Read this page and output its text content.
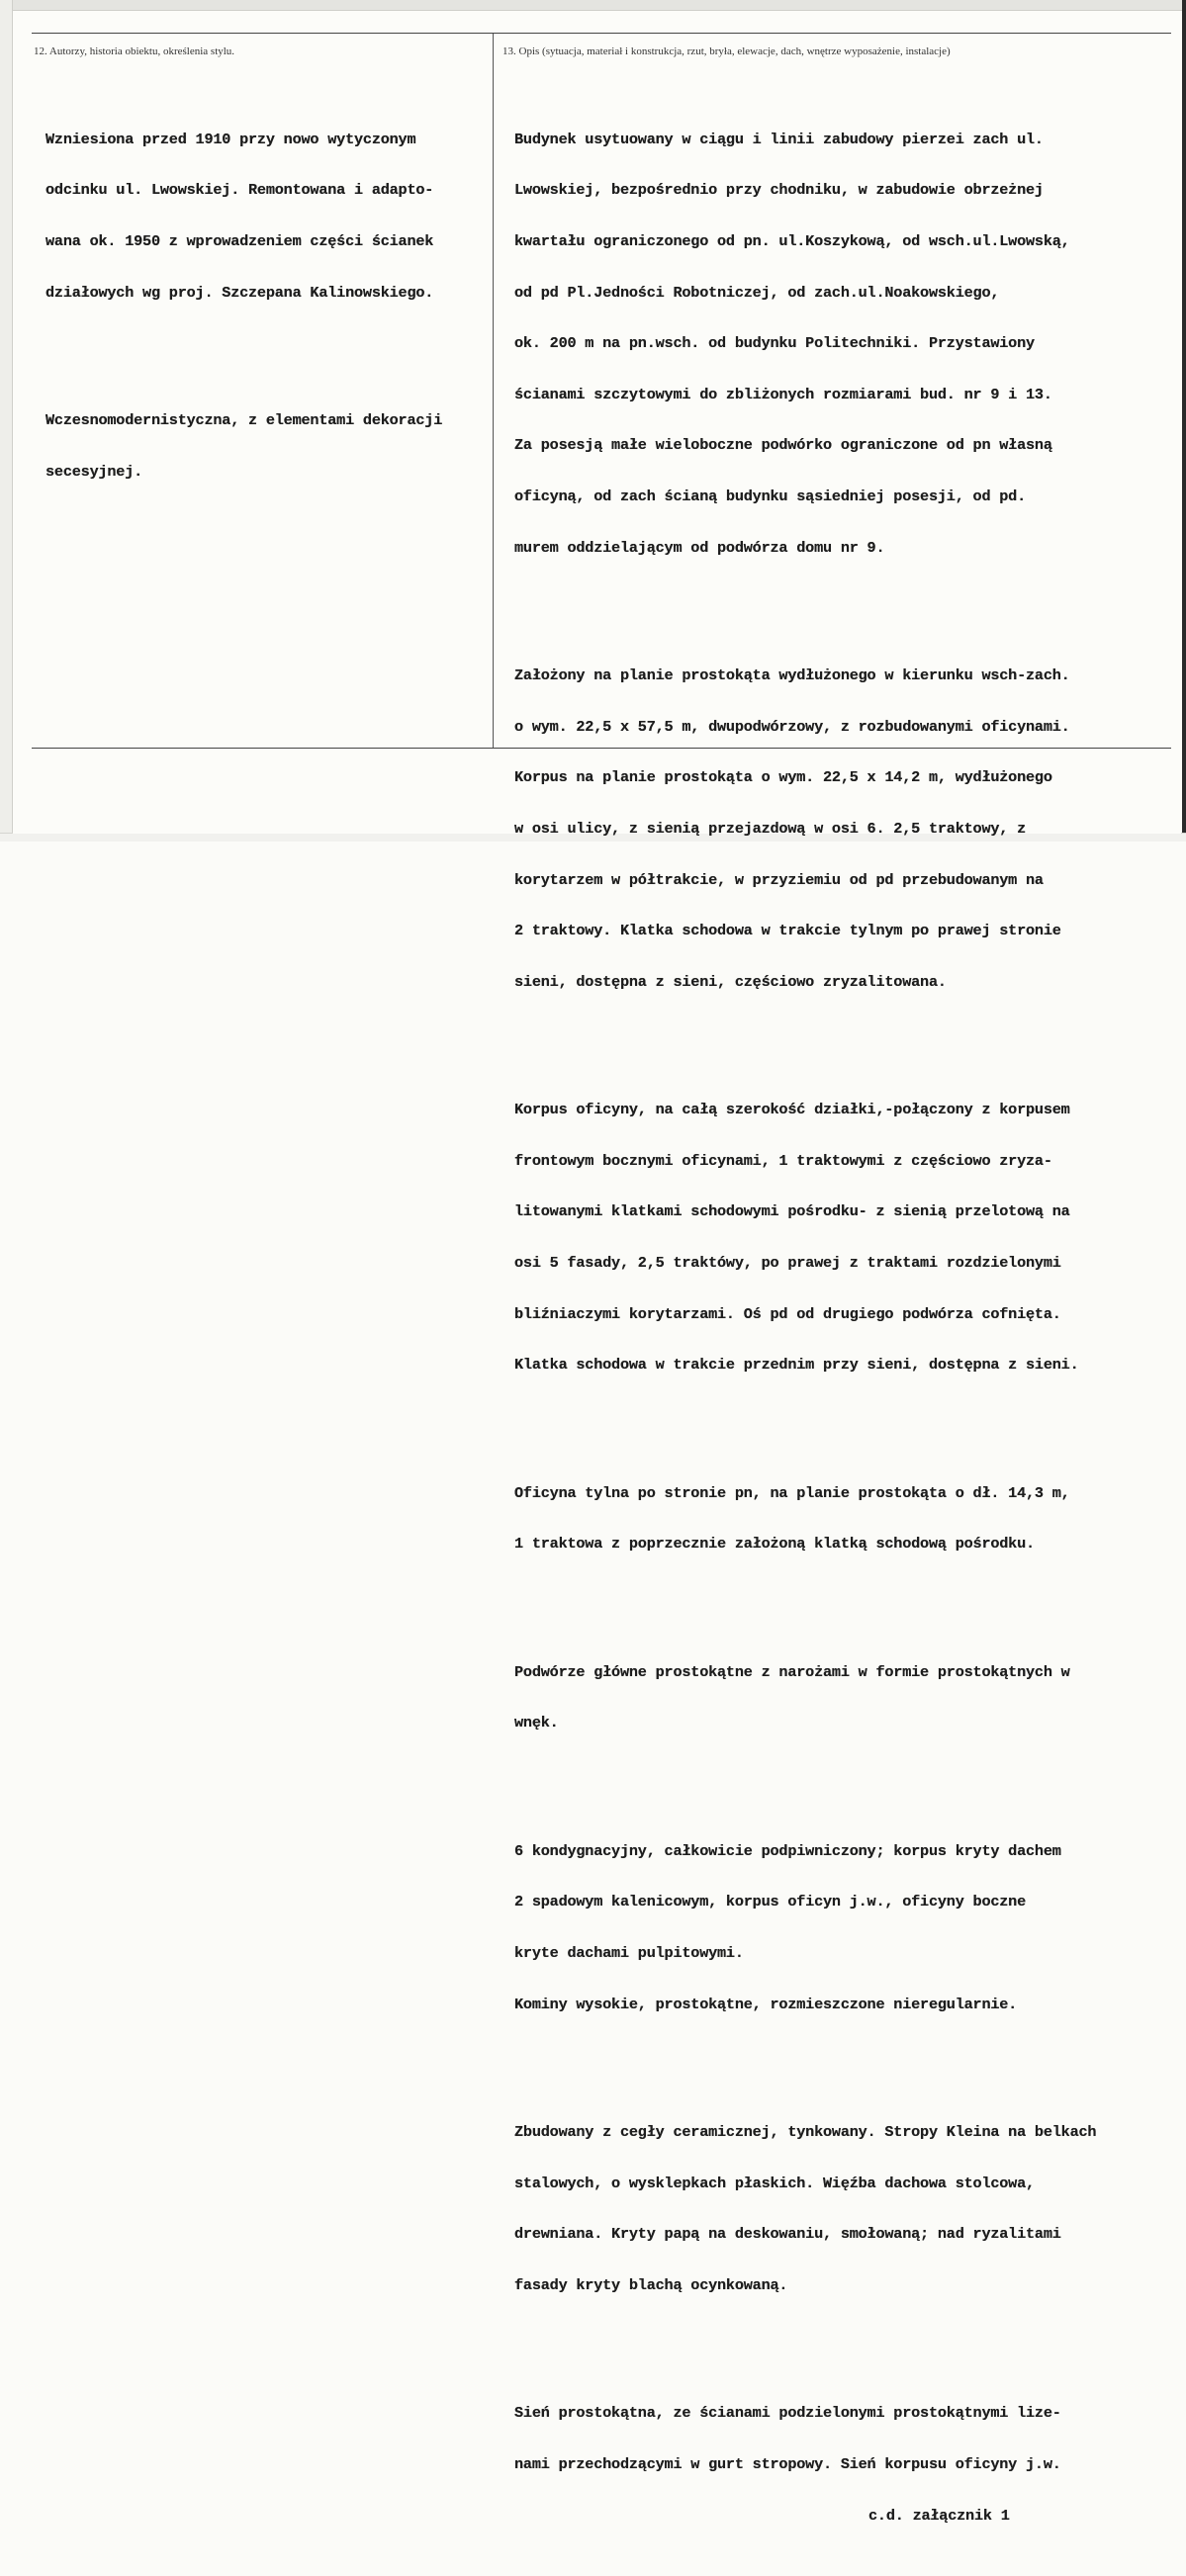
12. Autorzy, historia obiektu, określenia stylu.	13. Opis (sytuacja, materiał i konstrukcja, rzut, bryła, elewacje, dach, wnętrze wyposażenie, instalacje)

Wzniesiona przed 1910 przy nowo wytyczonym

odcinku ul. Lwowskiej. Remontowana i adapto-

wana ok. 1950 z wprowadzeniem części ścianek

działowych wg proj. Szczepana Kalinowskiego.

Wczesnomodernistyczna, z elementami dekoracji

secesyjnej.

Budynek usytuowany w ciągu i linii zabudowy pierzei zach ul.

Lwowskiej, bezpośrednio przy chodniku, w zabudowie obrzeżnej

kwartału ograniczonego od pn. ul.Koszykową, od wsch.ul.Lwowską,

od pd Pl.Jedności Robotniczej, od zach.ul.Noakowskiego,

ok. 200 m na pn.wsch. od budynku Politechniki. Przystawiony

ścianami szczytowymi do zbliżonych rozmiarami bud. nr 9 i 13.

Za posesją małe wieloboczne podwórko ograniczone od pn własną

oficyną, od zach ścianą budynku sąsiedniej posesji, od pd.

murem oddzielającym od podwórza domu nr 9.

Założony na planie prostokąta wydłużonego w kierunku wsch-zach.

o wym. 22,5 x 57,5 m, dwupodwórzowy, z rozbudowanymi oficynami.

Korpus na planie prostokąta o wym. 22,5 x 14,2 m, wydłużonego

w osi ulicy, z sienią przejazdową w osi 6. 2,5 traktowy, z

korytarzem w półtrakcie, w przyziemiu od pd przebudowanym na

2 traktowy. Klatka schodowa w trakcie tylnym po prawej stronie

sieni, dostępna z sieni, częściowo zryzalitowana.

Korpus oficyny, na całą szerokość działki,-połączony z korpusem

frontowym bocznymi oficynami, 1 traktowymi z częściowo zryza-

litowanymi klatkami schodowymi pośrodku- z sienią przelotową na

osi 5 fasady, 2,5 traktówy, po prawej z traktami rozdzielonymi

bliźniaczymi korytarzami. Oś pd od drugiego podwórza cofnięta.

Klatka schodowa w trakcie przednim przy sieni, dostępna z sieni.

Oficyna tylna po stronie pn, na planie prostokąta o dł. 14,3 m,

1 traktowa z poprzecznie założoną klatką schodową pośrodku.

Podwórze główne prostokątne z narożami w formie prostokątnych w

wnęk.

6 kondygnacyjny, całkowicie podpiwniczony; korpus kryty dachem

2 spadowym kalenicowym, korpus oficyn j.w., oficyny boczne

kryte dachami pulpitowymi.

Kominy wysokie, prostokątne, rozmieszczone nieregularnie.

Zbudowany z cegły ceramicznej, tynkowany. Stropy Kleina na belkach

stalowych, o wysklepkach płaskich. Więźba dachowa stolcowa,

drewniana. Kryty papą na deskowaniu, smołowaną; nad ryzalitami

fasady kryty blachą ocynkowaną.

Sień prostokątna, ze ścianami podzielonymi prostokątnymi lize-

nami przechodzącymi w gurt stropowy. Sień korpusu oficyny j.w.

c.d. załącznik 1
